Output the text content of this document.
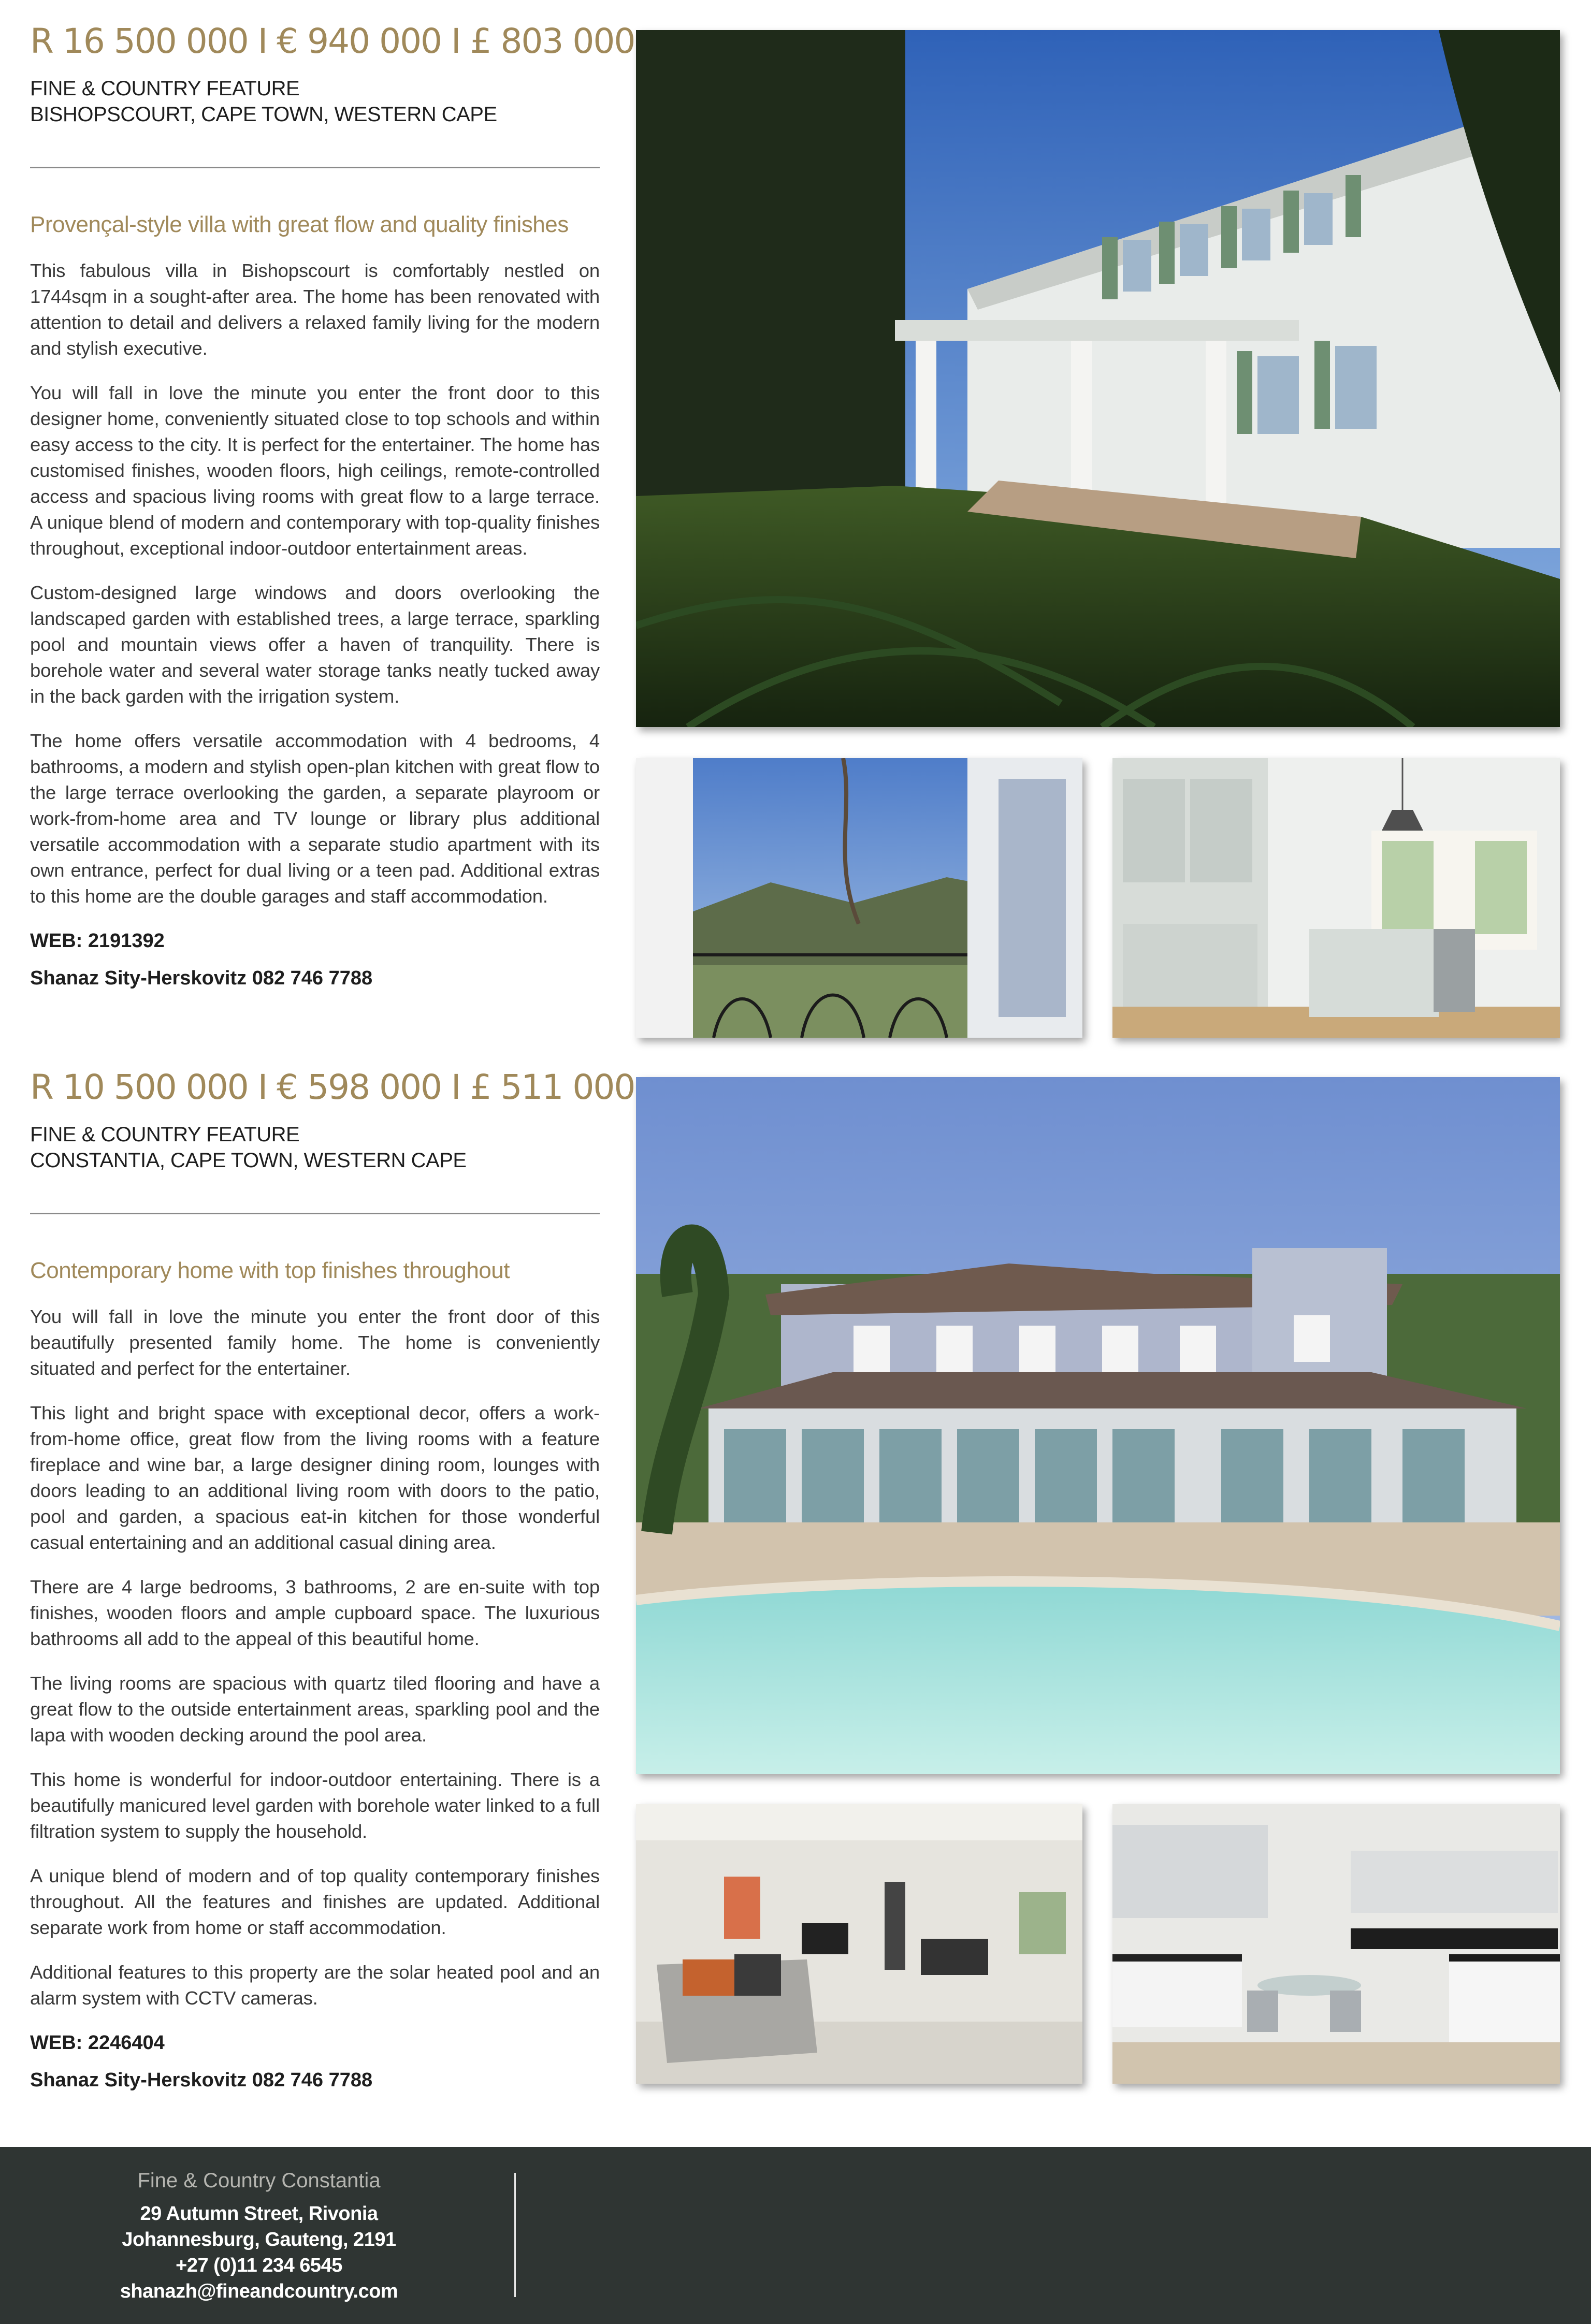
R 16 500 000 I € 940 000 I £ 803 000

FINE & COUNTRY FEATURE

BISHOPSCOURT, CAPE TOWN, WESTERN CAPE

Provençal-style villa with great flow and quality finishes

This fabulous villa in Bishopscourt is comfortably nestled on 1744sqm in a sought-after area. The home has been renovated with attention to detail and delivers a relaxed family living for the modern and stylish executive.

You will fall in love the minute you enter the front door to this designer home, conveniently situated close to top schools and within easy access to the city. It is perfect for the entertainer. The home has customised finishes, wooden floors, high ceilings, remote-controlled access and spacious living rooms with great flow to a large terrace. A unique blend of modern and contemporary with top-quality finishes throughout, exceptional indoor-outdoor entertainment areas.

Custom-designed large windows and doors overlooking the landscaped garden with established trees, a large terrace, sparkling pool and mountain views offer a haven of tranquility. There is borehole water and several water storage tanks neatly tucked away in the back garden with the irrigation system.

The home offers versatile accommodation with 4 bedrooms, 4 bathrooms, a modern and stylish open-plan kitchen with great flow to the large terrace overlooking the garden, a separate playroom or work-from-home area and TV lounge or library plus additional versatile accommodation with a separate studio apartment with its own entrance, perfect for dual living or a teen pad. Additional extras to this home are the double garages and staff accommodation.

WEB: 2191392

Shanaz Sity-Herskovitz 082 746 7788

R 10 500 000 I € 598 000 I £ 511 000

FINE & COUNTRY FEATURE

CONSTANTIA, CAPE TOWN, WESTERN CAPE

Contemporary home with top finishes throughout

You will fall in love the minute you enter the front door of this beautifully presented family home. The home is conveniently situated and perfect for the entertainer.

This light and bright space with exceptional decor, offers a work-from-home office, great flow from the living rooms with a feature fireplace and wine bar, a large designer dining room, lounges with doors leading to an additional living room with doors to the patio, pool and garden, a spacious eat-in kitchen for those wonderful casual entertaining and an additional casual dining area.

There are 4 large bedrooms, 3 bathrooms, 2 are en-suite with top finishes, wooden floors and ample cupboard space. The luxurious bathrooms all add to the appeal of this beautiful home.

The living rooms are spacious with quartz tiled flooring and have a great flow to the outside entertainment areas, sparkling pool and the lapa with wooden decking around the pool area.

This home is wonderful for indoor-outdoor entertaining. There is a beautifully manicured level garden with borehole water linked to a full filtration system to supply the household.

A unique blend of modern and of top quality contemporary finishes throughout. All the features and finishes are updated. Additional separate work from home or staff accommodation.

Additional features to this property are the solar heated pool and an alarm system with CCTV cameras.

WEB: 2246404

Shanaz Sity-Herskovitz 082 746 7788

Fine & Country Constantia

29 Autumn Street, Rivonia

Johannesburg, Gauteng, 2191

+27 (0)11 234 6545

shanazh@fineandcountry.com
